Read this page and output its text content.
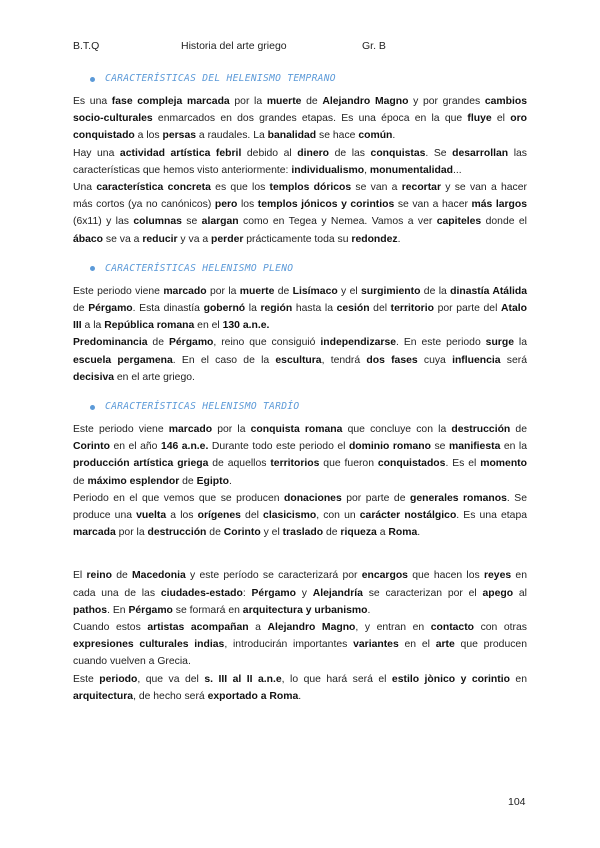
B.T.Q	Historia del arte griego	Gr. B
CARACTERÍSTICAS DEL HELENISMO TEMPRANO

Es una fase compleja marcada por la muerte de Alejandro Magno y por grandes cambios socio-culturales enmarcados en dos grandes etapas. Es una época en la que fluye el oro conquistado a los persas a raudales. La banalidad se hace común.

Hay una actividad artística febril debido al dinero de las conquistas. Se desarrollan las características que hemos visto anteriormente: individualismo, monumentalidad...

Una característica concreta es que los templos dóricos se van a recortar y se van a hacer más cortos (ya no canónicos) pero los templos jónicos y corintios se van a hacer más largos (6x11) y las columnas se alargan como en Tegea y Nemea. Vamos a ver capiteles donde el ábaco se va a reducir y va a perder prácticamente toda su redondez.

CARACTERÍSTICAS HELENISMO PLENO

Este periodo viene marcado por la muerte de Lisímaco y el surgimiento de la dinastía Atálida de Pérgamo. Esta dinastía gobernó la región hasta la cesión del territorio por parte del Atalo III a la República romana en el 130 a.n.e.

Predominancia de Pérgamo, reino que consiguió independizarse. En este periodo surge la escuela pergamena. En el caso de la escultura, tendrá dos fases cuya influencia será decisiva en el arte griego.

CARACTERÍSTICAS HELENISMO TARDÍO

Este periodo viene marcado por la conquista romana que concluye con la destrucción de Corinto en el año 146 a.n.e. Durante todo este periodo el dominio romano se manifiesta en la producción artística griega de aquellos territorios que fueron conquistados. Es el momento de máximo esplendor de Egipto.

Periodo en el que vemos que se producen donaciones por parte de generales romanos. Se produce una vuelta a los orígenes del clasicismo, con un carácter nostálgico. Es una etapa marcada por la destrucción de Corinto y el traslado de riqueza a Roma.

El reino de Macedonia y este período se caracterizará por encargos que hacen los reyes en cada una de las ciudades-estado: Pérgamo y Alejandría se caracterizan por el apego al pathos. En Pérgamo se formará en arquitectura y urbanismo.

Cuando estos artistas acompañan a Alejandro Magno, y entran en contacto con otras expresiones culturales indias, introducirán importantes variantes en el arte que producen cuando vuelven a Grecia.

Este periodo, que va del s. III al II a.n.e, lo que hará será el estilo jònico y corintio en arquitectura, de hecho será exportado a Roma.

104
